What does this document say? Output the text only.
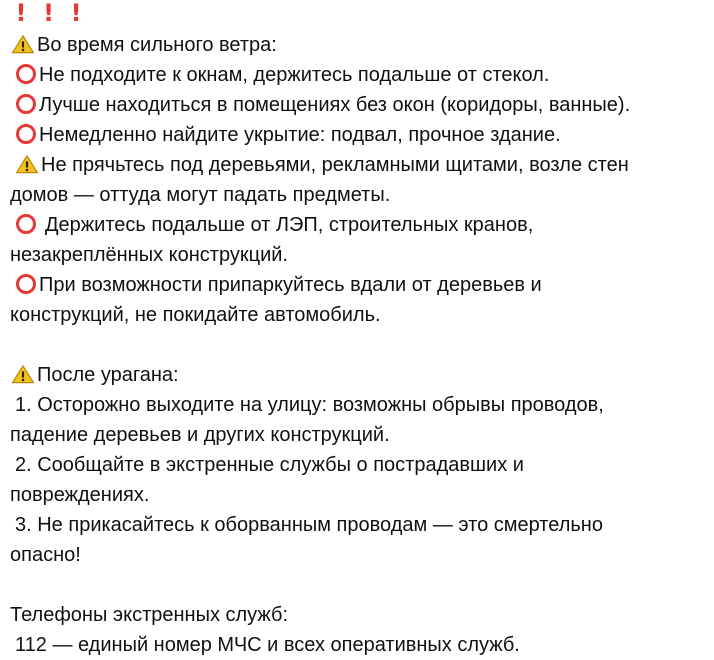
! ! !
Во время сильного ветра:
Не подходите к окнам, держитесь подальше от стекол.
Лучше находиться в помещениях без окон (коридоры, ванные).
Немедленно найдите укрытие: подвал, прочное здание.
Не прячьтесь под деревьями, рекламными щитами, возле стен
домов — оттуда могут падать предметы.
Держитесь подальше от ЛЭП, строительных кранов,
незакреплённых конструкций.
При возможности припаркуйтесь вдали от деревьев и
конструкций, не покидайте автомобиль.
После урагана:
1. Осторожно выходите на улицу: возможны обрывы проводов,
падение деревьев и других конструкций.
2. Сообщайте в экстренные службы о пострадавших и
повреждениях.
3. Не прикасайтесь к оборванным проводам — это смертельно
опасно!
Телефоны экстренных служб:
112 — единый номер МЧС и всех оперативных служб.
